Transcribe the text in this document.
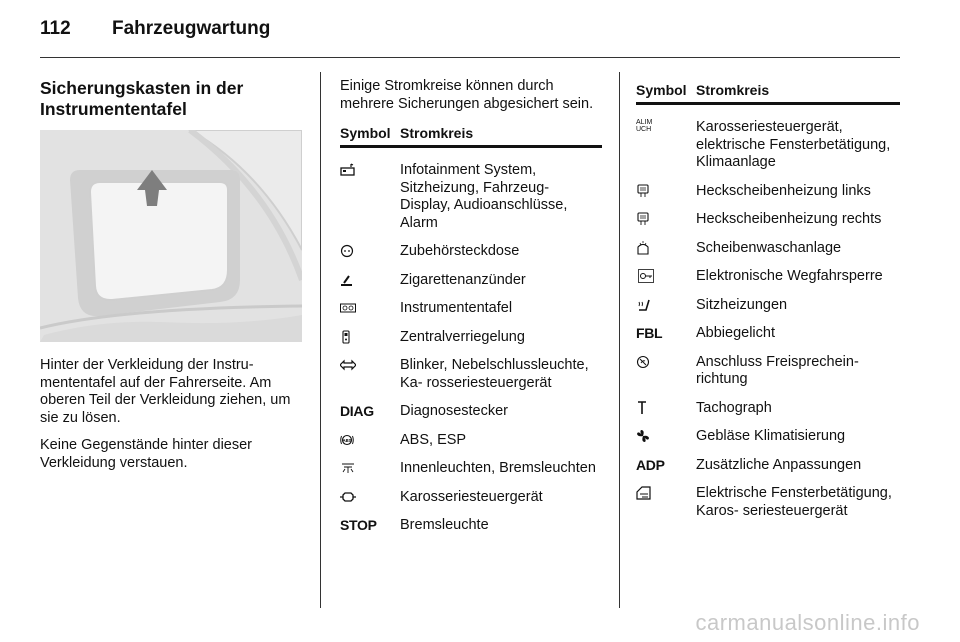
112	Fahrzeugwartung
Sicherungskasten in der Instrumententafel

Hinter der Verkleidung der Instru- mententafel auf der Fahrerseite. Am oberen Teil der Verkleidung ziehen, um sie zu lösen.

Keine Gegenstände hinter dieser Verkleidung verstauen.

Einige Stromkreise können durch mehrere Sicherungen abgesichert sein.

Symbol Stromkreis
Infotainment System, Sitzheizung, Fahrzeug- Display, Audioanschlüsse, Alarm
Zubehörsteckdose
Zigarettenanzünder
Instrumententafel
Zentralverriegelung
Blinker, Nebelschlussleuchte, Ka- rosseriesteuergerät
DIAG Diagnosestecker
ABS	ABS, ESP
Innenleuchten, Bremsleuchten
Karosseriesteuergerät
STOP Bremsleuchte
Symbol Stromkreis
ALIM UCH	Karosseriesteuergerät, elektrische Fensterbetätigung, Klimaanlage
Heckscheibenheizung links
Heckscheibenheizung rechts
Scheibenwaschanlage
Elektronische Wegfahrsperre
Sitzheizungen
FBL Abbiegelicht
Anschluss Freisprechein- richtung
Tachograph
Gebläse Klimatisierung
ADP Zusätzliche Anpassungen
Elektrische Fensterbetätigung, Karos- seriesteuergerät
carmanualsonline.info
